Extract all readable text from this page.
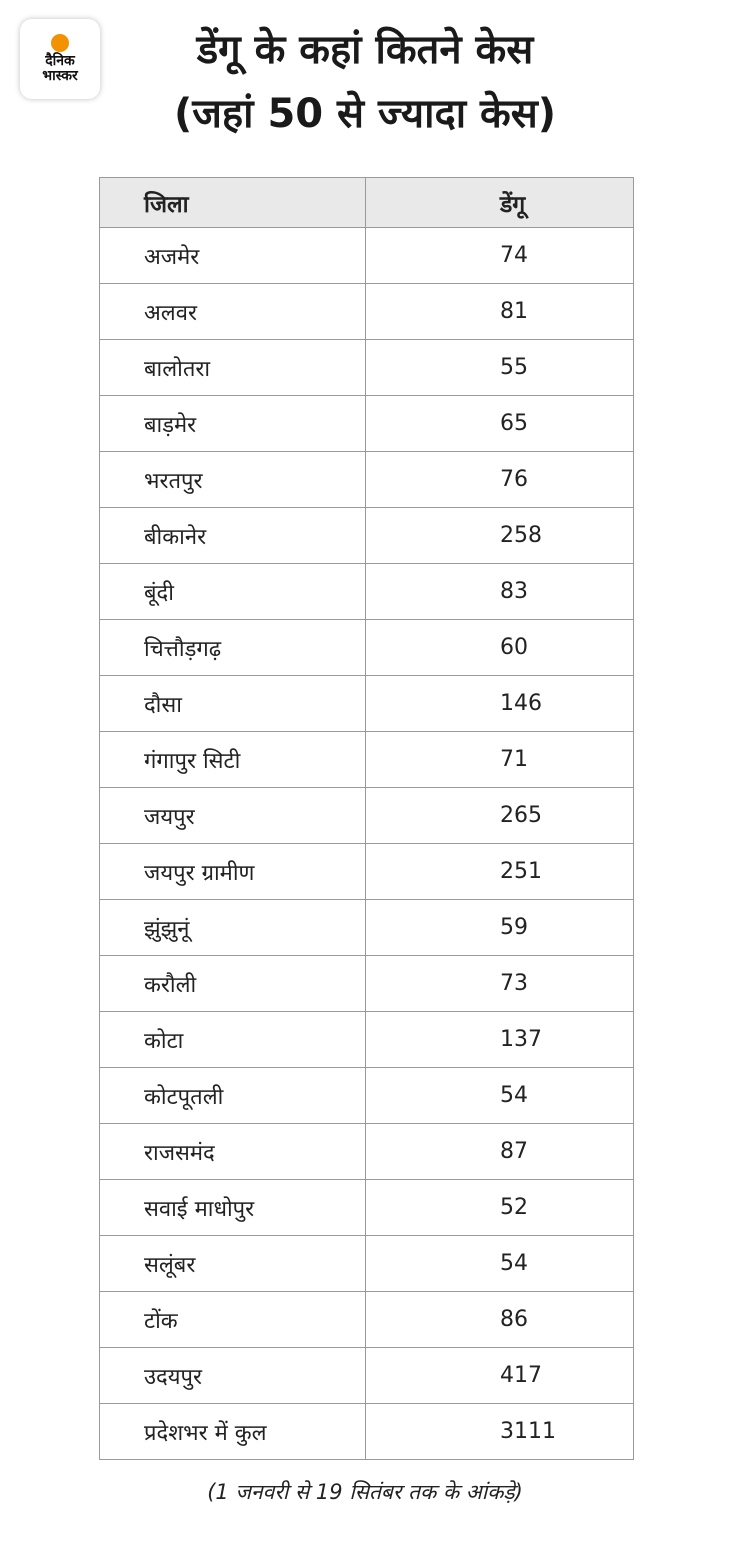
दैनिक
भास्कर
डेंगू के कहां कितने केस
(जहां 50 से ज्यादा केस)
जिला	डेंगू
अजमेर	74
अलवर	81
बालोतरा	55
बाड़मेर	65
भरतपुर	76
बीकानेर	258
बूंदी	83
चित्तौड़गढ़	60
दौसा	146
गंगापुर सिटी	71
जयपुर	265
जयपुर ग्रामीण	251
झुंझुनूं	59
करौली	73
कोटा	137
कोटपूतली	54
राजसमंद	87
सवाई माधोपुर	52
सलूंबर	54
टोंक	86
उदयपुर	417
प्रदेशभर में कुल	3111
(1 जनवरी से 19 सितंबर तक के आंकड़े)
